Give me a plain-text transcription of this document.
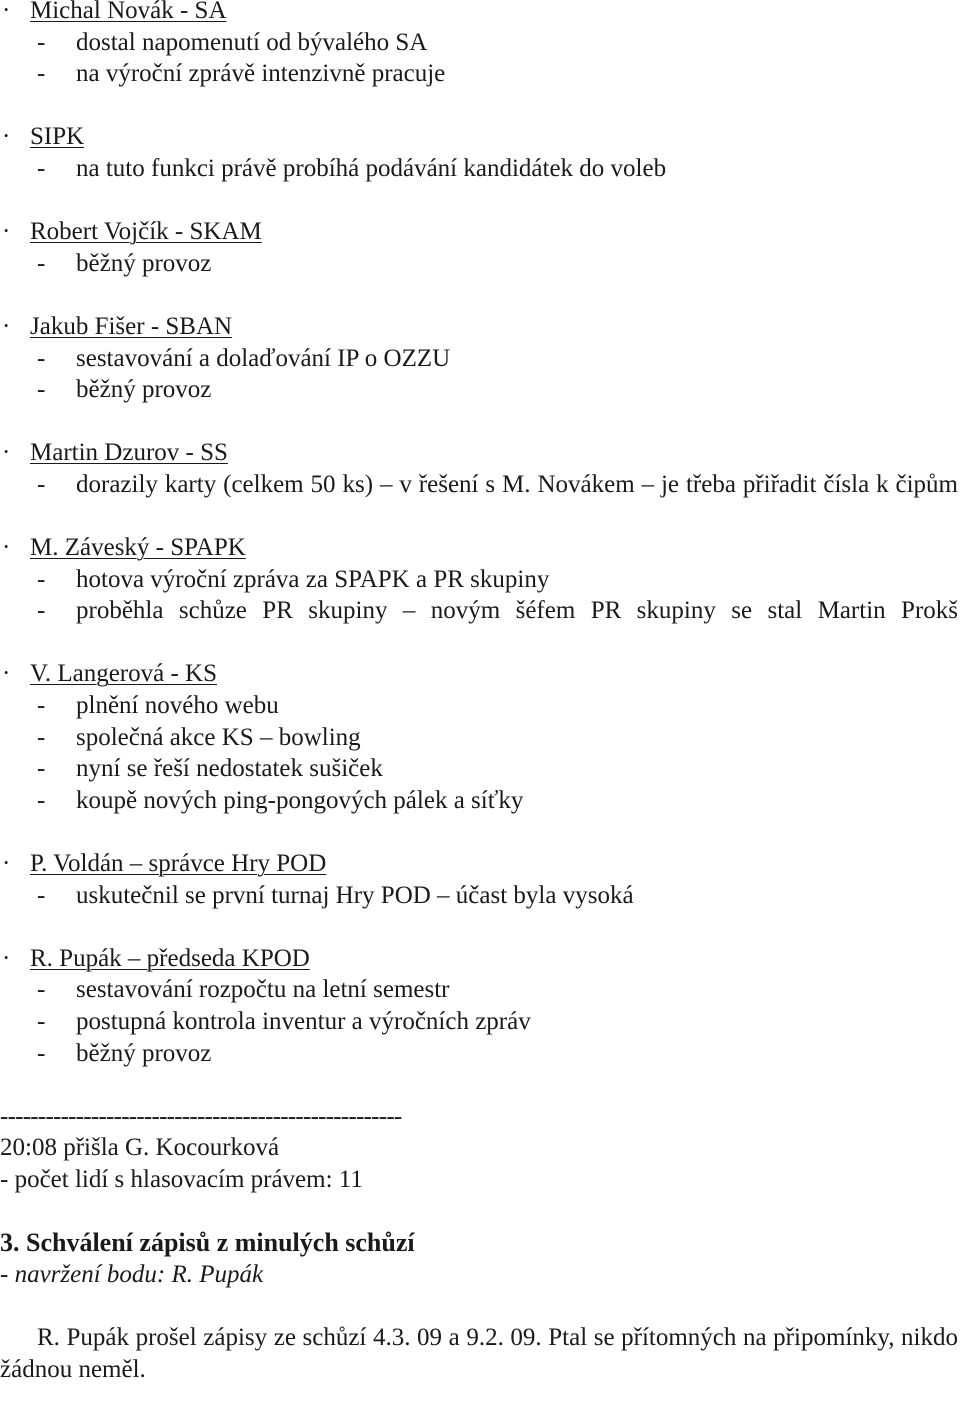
· Michal Novák - SA
- dostal napomenutí od bývalého SA
- na výroční zprávě intenzivně pracuje
· SIPK
- na tuto funkci právě probíhá podávání kandidátek do voleb
· Robert Vojčík - SKAM
- běžný provoz
· Jakub Fišer - SBAN
- sestavování a dolaďování IP o OZZU
- běžný provoz
· Martin Dzurov - SS
- dorazily karty (celkem 50 ks) – v řešení s M. Novákem – je třeba přiřadit čísla k čipům
· M. Záveský - SPAPK
- hotova výroční zpráva za SPAPK a PR skupiny
- proběhla schůze PR skupiny – novým šéfem PR skupiny se stal Martin Prokš
· V. Langerová - KS
- plnění nového webu
- společná akce KS – bowling
- nyní se řeší nedostatek sušiček
- koupě nových ping-pongových pálek a síťky
· P. Voldán – správce Hry POD
- uskutečnil se první turnaj Hry POD – účast byla vysoká
· R. Pupák – předseda KPOD
- sestavování rozpočtu na letní semestr
- postupná kontrola inventur a výročních zpráv
- běžný provoz
-----------------------------------------------------
20:08 přišla G. Kocourková
- počet lidí s hlasovacím právem: 11
3. Schválení zápisů z minulých schůzí
- navržení bodu: R. Pupák
R. Pupák prošel zápisy ze schůzí 4.3. 09 a 9.2. 09. Ptal se přítomných na připomínky, nikdo žádnou neměl.
